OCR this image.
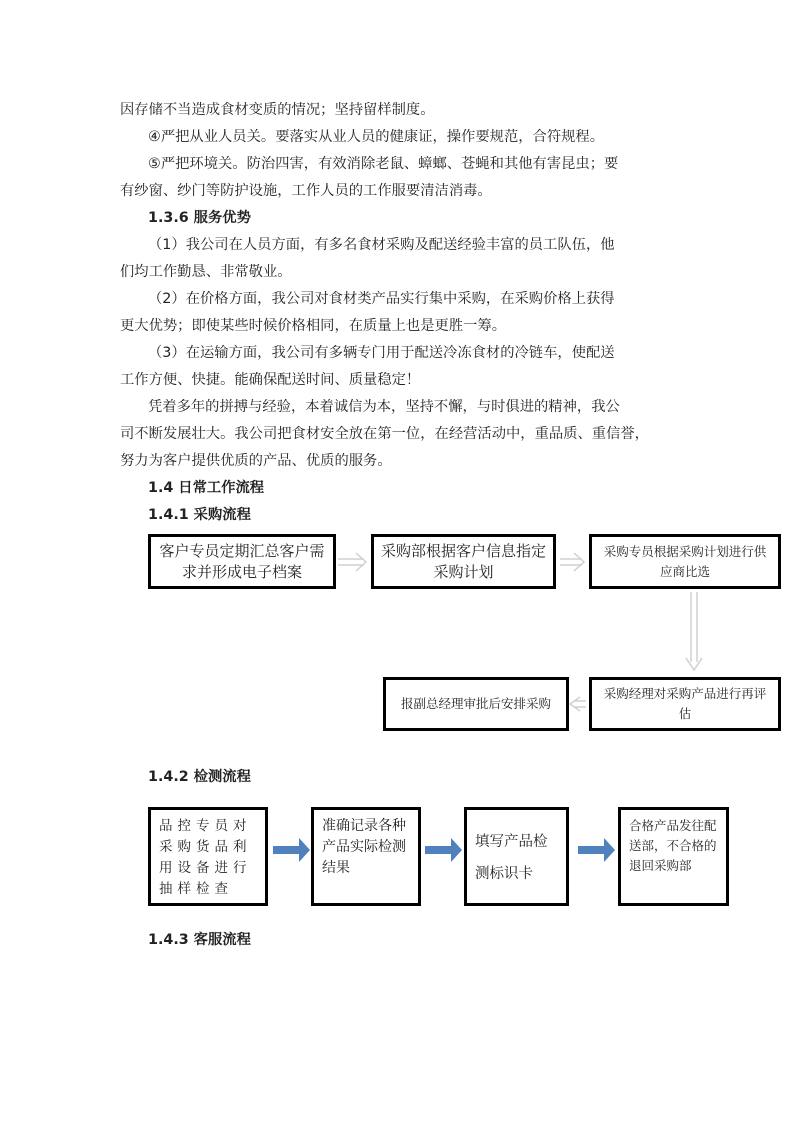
因存储不当造成食材变质的情况；坚持留样制度。
④严把从业人员关。要落实从业人员的健康证，操作要规范，合符规程。
⑤严把环境关。防治四害，有效消除老鼠、蟑螂、苍蝇和其他有害昆虫；要
有纱窗、纱门等防护设施，工作人员的工作服要清洁消毒。
1.3.6 服务优势
（1）我公司在人员方面，有多名食材采购及配送经验丰富的员工队伍，他
们均工作勤恳、非常敬业。
（2）在价格方面，我公司对食材类产品实行集中采购，在采购价格上获得
更大优势；即使某些时候价格相同，在质量上也是更胜一筹。
（3）在运输方面，我公司有多辆专门用于配送冷冻食材的冷链车，使配送
工作方便、快捷。能确保配送时间、质量稳定！
凭着多年的拼搏与经验，本着诚信为本，坚持不懈，与时俱进的精神，我公
司不断发展壮大。我公司把食材安全放在第一位，在经营活动中，重品质、重信誉，
努力为客户提供优质的产品、优质的服务。
1.4 日常工作流程
1.4.1 采购流程
客户专员定期汇总客户需求并形成电子档案
采购部根据客户信息指定采购计划
采购专员根据采购计划进行供应商比选
采购经理对采购产品进行再评估
报副总经理审批后安排采购
1.4.2 检测流程
品控专员对采购货品利用设备进行抽样检查
准确记录各种产品实际检测结果
填写产品检测标识卡
合格产品发往配送部，不合格的退回采购部
1.4.3 客服流程
